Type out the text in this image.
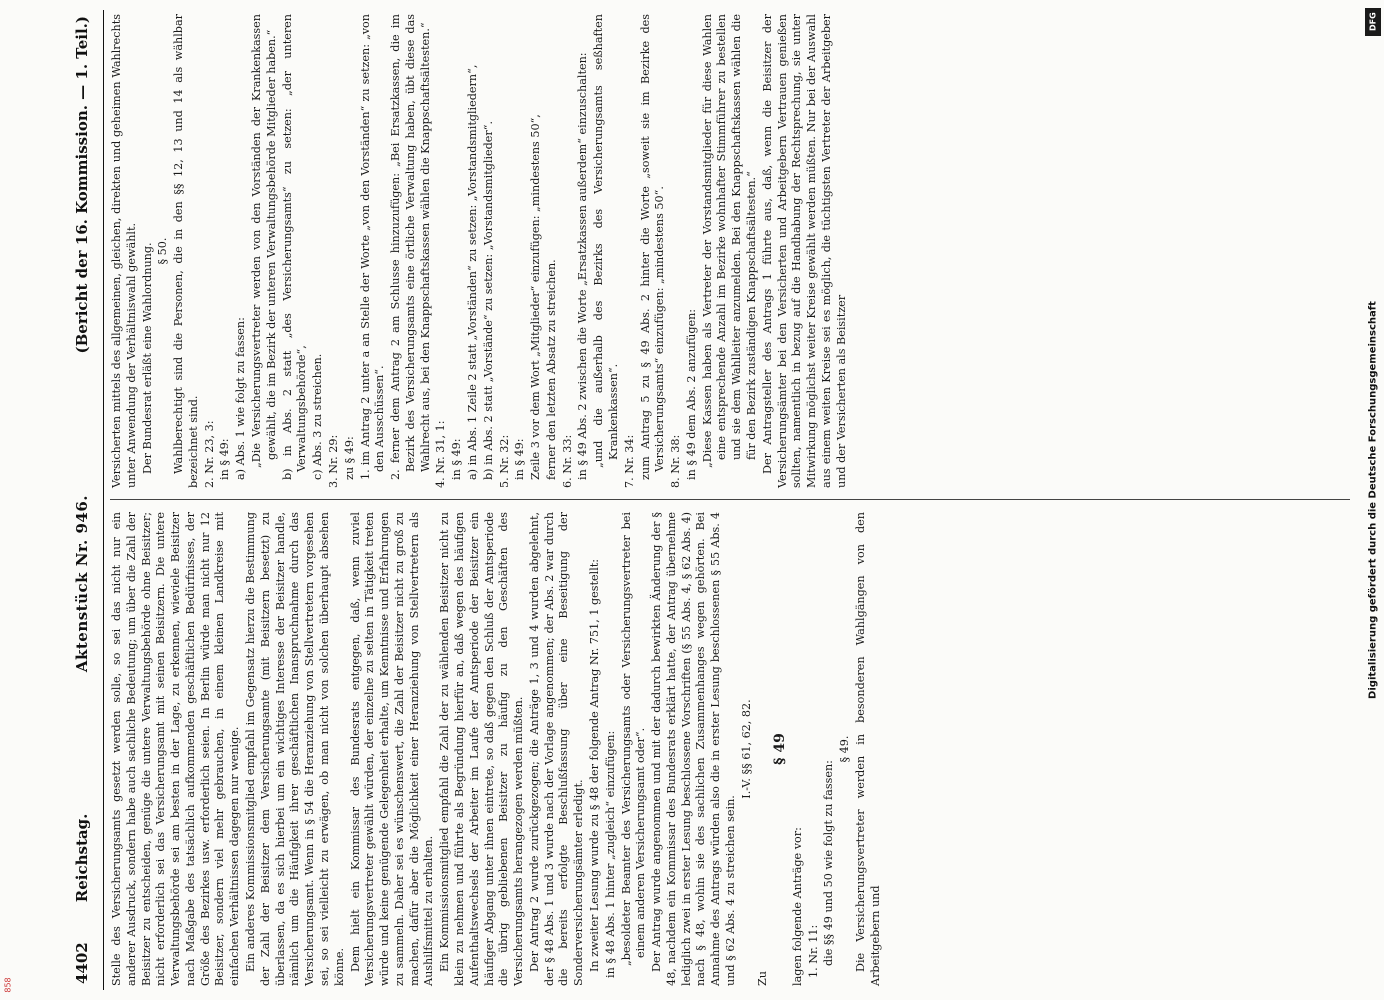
4402
Reichstag.
Aktenstück Nr. 946.
(Bericht der 16. Kommission. — 1. Teil.)

Stelle des Versicherungsamts gesetzt werden solle, so sei das nicht nur ein anderer Ausdruck, sondern habe auch sachliche Bedeutung; um über die Zahl der Beisitzer zu entscheiden, genüge die untere Verwaltungsbehörde ohne Beisitzer; nicht erforderlich sei das Versicherungsamt mit seinen Beisitzern. Die untere Verwaltungsbehörde sei am besten in der Lage, zu erkennen, wieviele Beisitzer nach Maßgabe des tatsächlich aufkommenden geschäftlichen Bedürfnisses, der Größe des Bezirkes usw. erforderlich seien. In Berlin würde man nicht nur 12 Beisitzer, sondern viel mehr gebrauchen, in einem kleinen Landkreise mit einfachen Verhältnissen dagegen nur wenige. Ein anderes Kommissionsmitglied empfahl im Gegensatz hierzu die Bestimmung der Zahl der Beisitzer dem Versicherungsamte (mit Beisitzern besetzt) zu überlassen, da es sich hierbei um ein wichtiges Interesse der Beisitzer handle, nämlich um die Häufigkeit ihrer geschäftlichen Inanspruchnahme durch das Versicherungsamt. Wenn in § 54 die Heranziehung von Stellvertretern vorgesehen sei, so sei vielleicht zu erwägen, ob man nicht von solchen überhaupt absehen könne. Dem hielt ein Kommissar des Bundesrats entgegen, daß, wenn zuviel Versicherungsvertreter gewählt würden, der einzelne zu selten in Tätigkeit treten würde und keine genügende Gelegenheit erhalte, um Kenntnisse und Erfahrungen zu sammeln. Daher sei es wünschenswert, die Zahl der Beisitzer nicht zu groß zu machen, dafür aber die Möglichkeit einer Heranziehung von Stellvertretern als Aushilfsmittel zu erhalten. Ein Kommissionsmitglied empfahl die Zahl der zu wählenden Beisitzer nicht zu klein zu nehmen und führte als Begründung hierfür an, daß wegen des häufigen Aufenthaltswechsels der Arbeiter im Laufe der Amtsperiode der Beisitzer ein häufiger Abgang unter ihnen eintrete, so daß gegen den Schluß der Amtsperiode die übrig gebliebenen Beisitzer zu häufig zu den Geschäften des Versicherungsamts herangezogen werden müßten. Der Antrag 2 wurde zurückgezogen; die Anträge 1, 3 und 4 wurden abgelehnt, der § 48 Abs. 1 und 3 wurde nach der Vorlage angenommen; der Abs. 2 war durch die bereits erfolgte Beschlußfassung über eine Beseitigung der Sonderversicherungsämter erledigt. In zweiter Lesung wurde zu § 48 der folgende Antrag Nr. 751, 1 gestellt: in § 48 Abs. 1 hinter „zugleich“ einzufügen: „besoldeter Beamter des Versicherungsamts oder Versicherungsvertreter bei einem anderen Versicherungsamt oder“. Der Antrag wurde angenommen und mit der dadurch bewirkten Änderung der § 48, nachdem ein Kommissar des Bundesrats erklärt hatte, der Antrag übernehme lediglich zwei in erster Lesung beschlossene Vorschriften (§ 55 Abs. 4, § 62 Abs. 4) nach § 48, wohin sie des sachlichen Zusammenhanges wegen gehörten. Bei Annahme des Antrags würden also die in erster Lesung beschlossenen § 55 Abs. 4 und § 62 Abs. 4 zu streichen sein.

I.-V. §§ 61, 62, 82.

Zu

§ 49

lagen folgende Anträge vor: 1. Nr. 11: die §§ 49 und 50 wie folgt zu fassen:

§ 49. Die Versicherungsvertreter werden in besonderen Wahlgängen von den Arbeitgebern und

Versicherten mittels des allgemeinen, gleichen, direkten und geheimen Wahlrechts unter Anwendung der Verhältniswahl gewählt. Der Bundesrat erläßt eine Wahlordnung. § 50. Wahlberechtigt sind die Personen, die in den §§ 12, 13 und 14 als wählbar bezeichnet sind. 2. Nr. 23, 3: in § 49: a) Abs. 1 wie folgt zu fassen: „Die Versicherungsvertreter werden von den Vorständen der Krankenkassen gewählt, die im Bezirk der unteren Verwaltungsbehörde Mitglieder haben.“ b) in Abs. 2 statt „des Versicherungsamts“ zu setzen: „der unteren Verwaltungsbehörde“, c) Abs. 3 zu streichen. 3. Nr. 29: zu § 49: 1. im Antrag 2 unter a an Stelle der Worte „von den Vorständen“ zu setzen: „von den Ausschüssen“. 2. ferner dem Antrag 2 am Schlusse hinzuzufügen: „Bei Ersatzkassen, die im Bezirk des Versicherungsamts eine örtliche Verwaltung haben, übt diese das Wahlrecht aus, bei den Knappschaftskassen wählen die Knappschaftsältesten.“ 4. Nr. 31, 1: in § 49: a) in Abs. 1 Zeile 2 statt „Vorständen“ zu setzen: „Vorstandsmitgliedern“, b) in Abs. 2 statt „Vorstände“ zu setzen: „Vorstandsmitglieder“. 5. Nr. 32: in § 49: Zeile 3 vor dem Wort „Mitglieder“ einzufügen: „mindestens 50“, ferner den letzten Absatz zu streichen. 6. Nr. 33: in § 49 Abs. 2 zwischen die Worte „Ersatzkassen außerdem“ einzuschalten: „und die außerhalb des Bezirks des Versicherungsamts seßhaften Krankenkassen“.

7. Nr. 34: zum Antrag 5 zu § 49 Abs. 2 hinter die Worte „soweit sie im Bezirke des Versicherungsamts“ einzufügen: „mindestens 50“. 8. Nr. 38: in § 49 dem Abs. 2 anzufügen: „Diese Kassen haben als Vertreter der Vorstandsmitglieder für diese Wahlen eine entsprechende Anzahl im Bezirke wohnhafter Stimmführer zu bestellen und sie dem Wahlleiter anzumelden. Bei den Knappschaftskassen wählen die für den Bezirk zuständigen Knappschaftsältesten.“ Der Antragsteller des Antrags 1 führte aus, daß, wenn die Beisitzer der Versicherungsämter bei den Versicherten und Arbeitgebern Vertrauen genießen sollten, namentlich in bezug auf die Handhabung der Rechtsprechung, sie unter Mitwirkung möglichst weiter Kreise gewählt werden müßten. Nur bei der Auswahl aus einem weiten Kreise sei es möglich, die tüchtigsten Vertreter der Arbeitgeber und der Versicherten als Beisitzer	Digitalisierung gefördert durch die Deutsche Forschungsgemeinschaft
DFG
858
